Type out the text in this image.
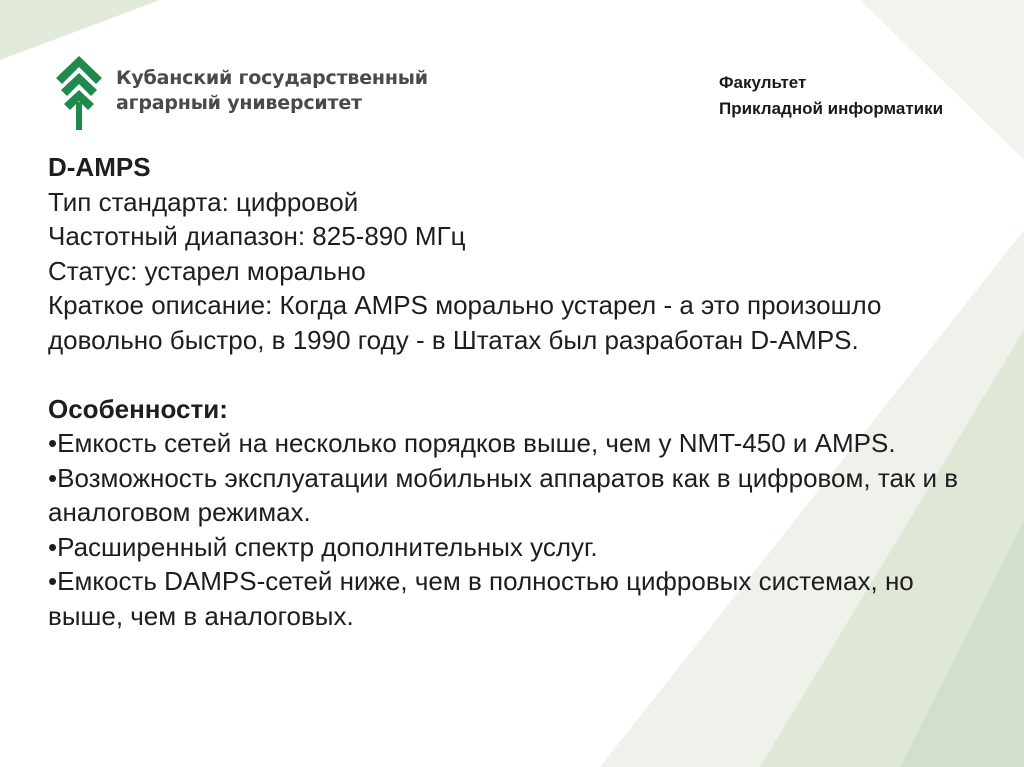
Кубанский государственный
аграрный университет
Факультет
Прикладной информатики

D-AMPS

Тип стандарта: цифровой

Частотный диапазон: 825-890 МГц

Статус: устарел морально

Краткое описание: Когда AMPS морально устарел - а это произошло довольно быстро, в 1990 году - в Штатах был разработан D-AMPS.

Особенности:

•Емкость сетей на несколько порядков выше, чем у NMT-450 и AMPS.

•Возможность эксплуатации мобильных аппаратов как в цифровом, так и в аналоговом режимах.

•Расширенный спектр дополнительных услуг.

•Емкость DAMPS-сетей ниже, чем в полностью цифровых системах, но выше, чем в аналоговых.
